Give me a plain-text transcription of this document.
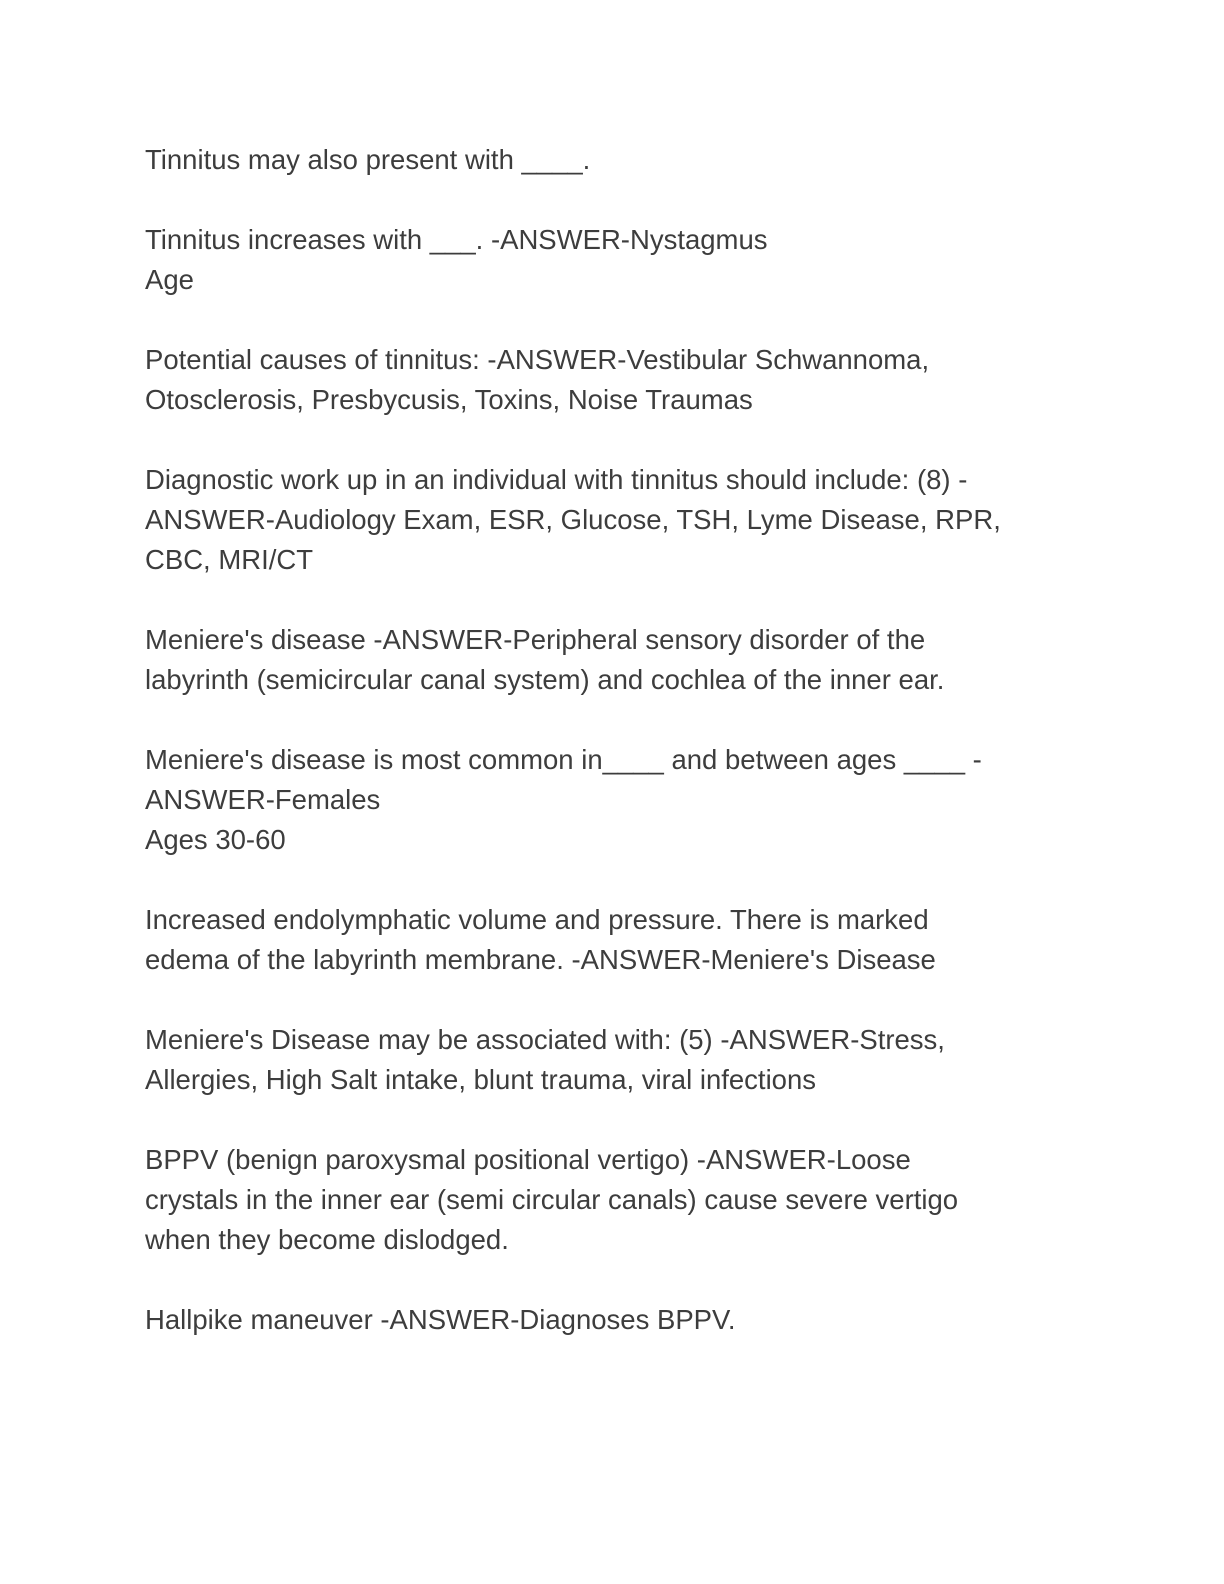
Tinnitus may also present with ____.
Tinnitus increases with ___. -ANSWER-Nystagmus
Age
Potential causes of tinnitus: -ANSWER-Vestibular Schwannoma,
Otosclerosis, Presbycusis, Toxins, Noise Traumas
Diagnostic work up in an individual with tinnitus should include: (8) -
ANSWER-Audiology Exam, ESR, Glucose, TSH, Lyme Disease, RPR,
CBC, MRI/CT
Meniere's disease -ANSWER-Peripheral sensory disorder of the
labyrinth (semicircular canal system) and cochlea of the inner ear.
Meniere's disease is most common in____ and between ages ____ -
ANSWER-Females
Ages 30-60
Increased endolymphatic volume and pressure. There is marked
edema of the labyrinth membrane. -ANSWER-Meniere's Disease
Meniere's Disease may be associated with: (5) -ANSWER-Stress,
Allergies, High Salt intake, blunt trauma, viral infections
BPPV (benign paroxysmal positional vertigo) -ANSWER-Loose
crystals in the inner ear (semi circular canals) cause severe vertigo
when they become dislodged.
Hallpike maneuver -ANSWER-Diagnoses BPPV.
